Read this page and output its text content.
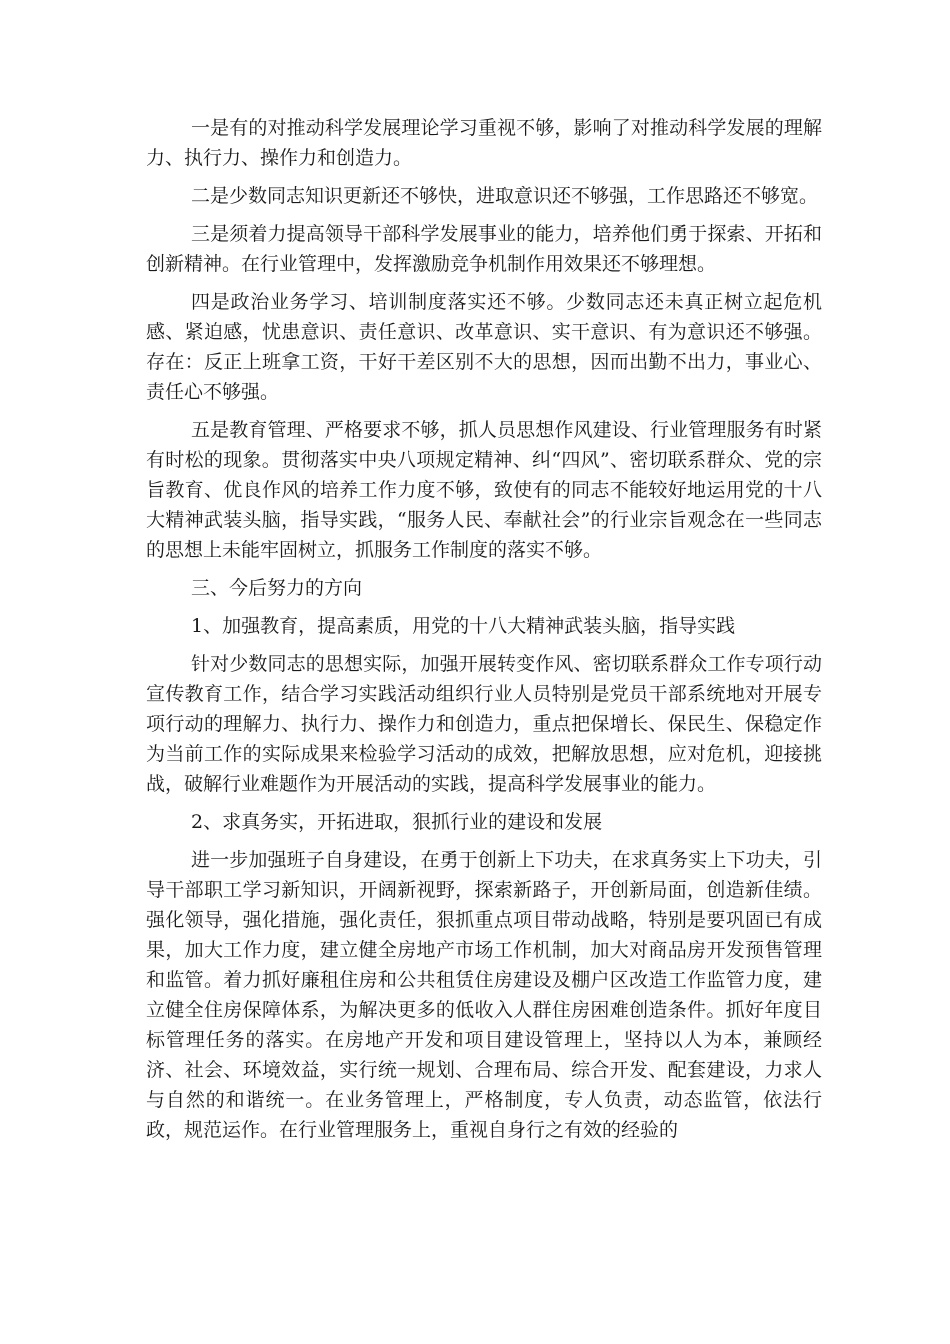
一是有的对推动科学发展理论学习重视不够，影响了对推动科学发展的理解力、执行力、操作力和创造力。

二是少数同志知识更新还不够快，进取意识还不够强，工作思路还不够宽。

三是须着力提高领导干部科学发展事业的能力，培养他们勇于探索、开拓和创新精神。在行业管理中，发挥激励竞争机制作用效果还不够理想。

四是政治业务学习、培训制度落实还不够。少数同志还未真正树立起危机感、紧迫感，忧患意识、责任意识、改革意识、实干意识、有为意识还不够强。存在：反正上班拿工资，干好干差区别不大的思想，因而出勤不出力，事业心、责任心不够强。

五是教育管理、严格要求不够，抓人员思想作风建设、行业管理服务有时紧有时松的现象。贯彻落实中央八项规定精神、纠“四风”、密切联系群众、党的宗旨教育、优良作风的培养工作力度不够，致使有的同志不能较好地运用党的十八大精神武装头脑，指导实践，“服务人民、奉献社会”的行业宗旨观念在一些同志的思想上未能牢固树立，抓服务工作制度的落实不够。

三、今后努力的方向

1、加强教育，提高素质，用党的十八大精神武装头脑，指导实践

针对少数同志的思想实际，加强开展转变作风、密切联系群众工作专项行动宣传教育工作，结合学习实践活动组织行业人员特别是党员干部系统地对开展专项行动的理解力、执行力、操作力和创造力，重点把保增长、保民生、保稳定作为当前工作的实际成果来检验学习活动的成效，把解放思想，应对危机，迎接挑战，破解行业难题作为开展活动的实践，提高科学发展事业的能力。

2、求真务实，开拓进取，狠抓行业的建设和发展

进一步加强班子自身建设，在勇于创新上下功夫，在求真务实上下功夫，引导干部职工学习新知识，开阔新视野，探索新路子，开创新局面，创造新佳绩。强化领导，强化措施，强化责任，狠抓重点项目带动战略，特别是要巩固已有成果，加大工作力度，建立健全房地产市场工作机制，加大对商品房开发预售管理和监管。着力抓好廉租住房和公共租赁住房建设及棚户区改造工作监管力度，建立健全住房保障体系，为解决更多的低收入人群住房困难创造条件。抓好年度目标管理任务的落实。在房地产开发和项目建设管理上，坚持以人为本，兼顾经济、社会、环境效益，实行统一规划、合理布局、综合开发、配套建设，力求人与自然的和谐统一。在业务管理上，严格制度，专人负责，动态监管，依法行政，规范运作。在行业管理服务上，重视自身行之有效的经验的
